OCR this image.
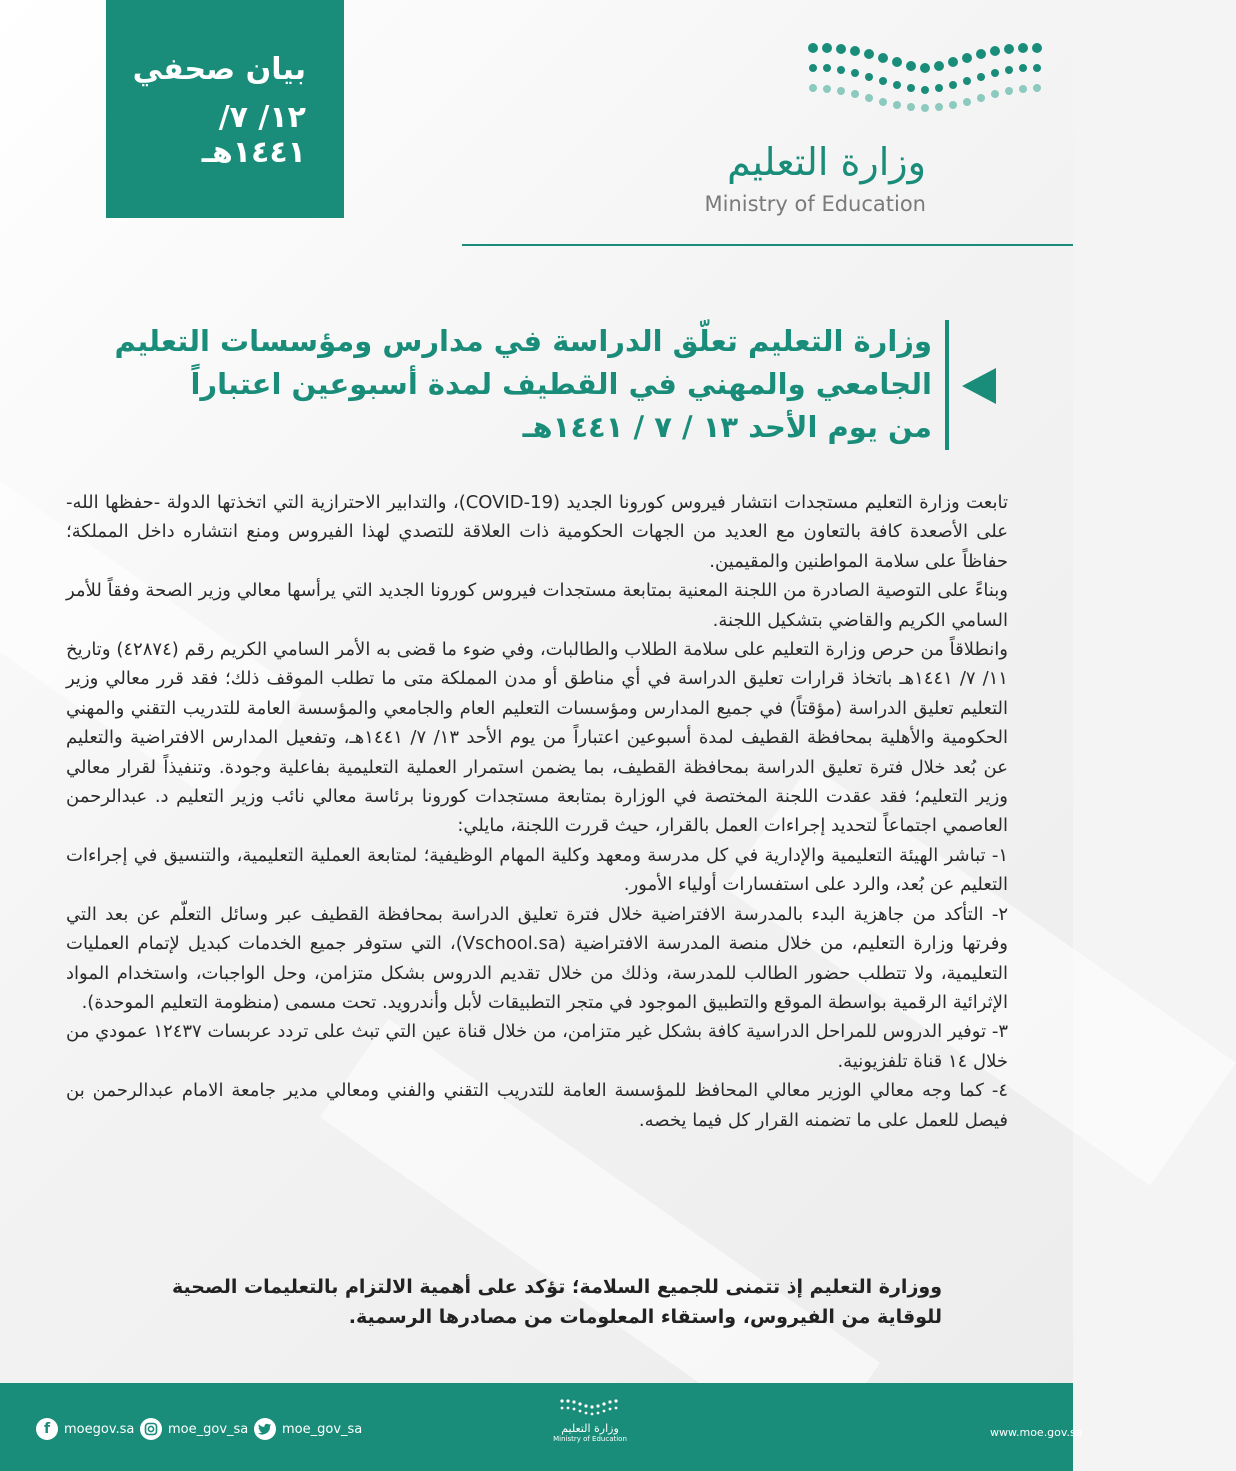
بيان صحفي
١٢/ ٧/ ١٤٤١هـ	وزارة التعليم
Ministry of Education
وزارة التعليم تعلّق الدراسة في مدارس ومؤسسات التعليم
الجامعي والمهني في القطيف لمدة أسبوعين اعتباراً
من يوم الأحد ١٣ / ٧ / ١٤٤١هـ

تابعت وزارة التعليم مستجدات انتشار فيروس كورونا الجديد (COVID-19)، والتدابير الاحترازية التي اتخذتها الدولة -حفظها الله- على الأصعدة كافة بالتعاون مع العديد من الجهات الحكومية ذات العلاقة للتصدي لهذا الفيروس ومنع انتشاره داخل المملكة؛ حفاظاً على سلامة المواطنين والمقيمين.

وبناءً على التوصية الصادرة من اللجنة المعنية بمتابعة مستجدات فيروس كورونا الجديد التي يرأسها معالي وزير الصحة وفقاً للأمر السامي الكريم والقاضي بتشكيل اللجنة.

وانطلاقاً من حرص وزارة التعليم على سلامة الطلاب والطالبات، وفي ضوء ما قضى به الأمر السامي الكريم رقم (٤٢٨٧٤) وتاريخ ١١/ ٧/ ١٤٤١هـ باتخاذ قرارات تعليق الدراسة في أي مناطق أو مدن المملكة متى ما تطلب الموقف ذلك؛ فقد قرر معالي وزير التعليم تعليق الدراسة (مؤقتاً) في جميع المدارس ومؤسسات التعليم العام والجامعي والمؤسسة العامة للتدريب التقني والمهني الحكومية والأهلية بمحافظة القطيف لمدة أسبوعين اعتباراً من يوم الأحد ١٣/ ٧/ ١٤٤١هـ، وتفعيل المدارس الافتراضية والتعليم عن بُعد خلال فترة تعليق الدراسة بمحافظة القطيف، بما يضمن استمرار العملية التعليمية بفاعلية وجودة. وتنفيذاً لقرار معالي وزير التعليم؛ فقد عقدت اللجنة المختصة في الوزارة بمتابعة مستجدات كورونا برئاسة معالي نائب وزير التعليم د. عبدالرحمن العاصمي اجتماعاً لتحديد إجراءات العمل بالقرار، حيث قررت اللجنة، مايلي:

١- تباشر الهيئة التعليمية والإدارية في كل مدرسة ومعهد وكلية المهام الوظيفية؛ لمتابعة العملية التعليمية، والتنسيق في إجراءات التعليم عن بُعد، والرد على استفسارات أولياء الأمور.

٢- التأكد من جاهزية البدء بالمدرسة الافتراضية خلال فترة تعليق الدراسة بمحافظة القطيف عبر وسائل التعلّم عن بعد التي وفرتها وزارة التعليم، من خلال منصة المدرسة الافتراضية (Vschool.sa)، التي ستوفر جميع الخدمات كبديل لإتمام العمليات التعليمية، ولا تتطلب حضور الطالب للمدرسة، وذلك من خلال تقديم الدروس بشكل متزامن، وحل الواجبات، واستخدام المواد الإثرائية الرقمية بواسطة الموقع والتطبيق الموجود في متجر التطبيقات لأبل وأندرويد. تحت مسمى (منظومة التعليم الموحدة).

٣- توفير الدروس للمراحل الدراسية كافة بشكل غير متزامن، من خلال قناة عين التي تبث على تردد عربسات ١٢٤٣٧ عمودي من خلال ١٤ قناة تلفزيونية.

٤- كما وجه معالي الوزير معالي المحافظ للمؤسسة العامة للتدريب التقني والفني ومعالي مدير جامعة الامام عبدالرحمن بن فيصل للعمل على ما تضمنه القرار كل فيما يخصه.

ووزارة التعليم إذ تتمنى للجميع السلامة؛ تؤكد على أهمية الالتزام بالتعليمات الصحية للوقاية من الفيروس، واستقاء المعلومات من مصادرها الرسمية.
f	moegov.sa	moe_gov_sa	moe_gov_sa	وزارة التعليم
Ministry of Education	www.moe.gov.sa
